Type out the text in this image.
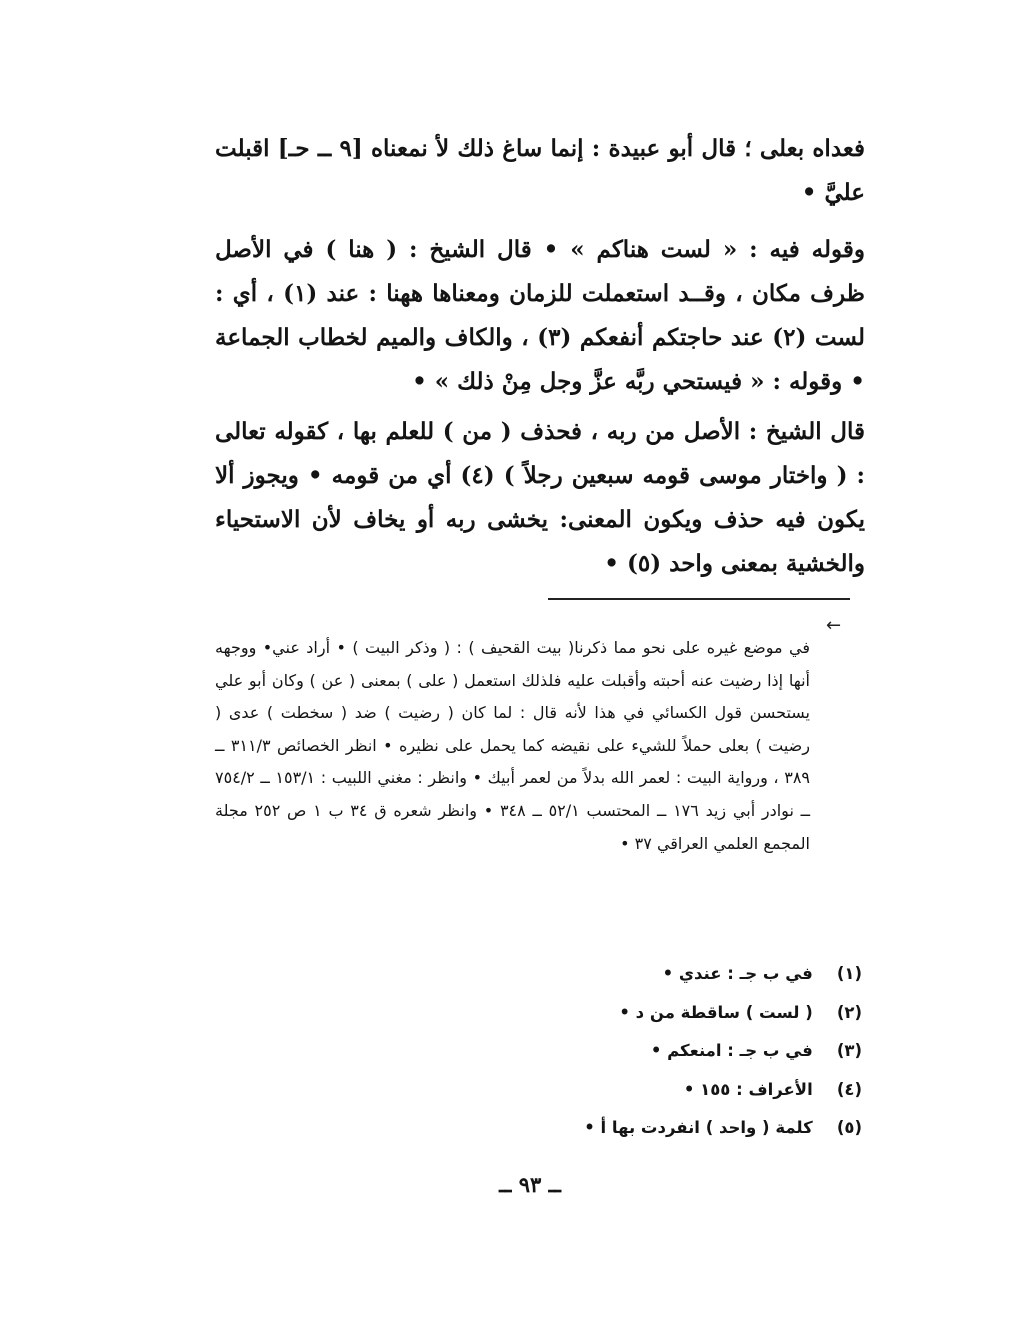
فعداه بعلى ؛ قال أبو عبيدة : إنما ساغ ذلك لأ نمعناه [٩ ــ حـ] اقبلت عليَّ •

وقوله فيه : « لست هناكم » • قال الشيخ : ( هنا ) في الأصل ظرف مكان ، وقــد استعملت للزمان ومعناها ههنا : عند (١) ، أي : لست (٢) عند حاجتكم أنفعكم (٣) ، والكاف والميم لخطاب الجماعة • وقوله : « فيستحي ربَّه عزَّ وجل مِنْ ذلك » •

قال الشيخ : الأصل من ربه ، فحذف ( من ) للعلم بها ، كقوله تعالى : ( واختار موسى قومه سبعين رجلاً ) (٤) أي من قومه • ويجوز ألا يكون فيه حذف ويكون المعنى: يخشى ربه أو يخاف لأن الاستحياء والخشية بمعنى واحد (٥) •

←

في موضع غيره على نحو مما ذكرنا( بيت القحيف ) : ( وذكر البيت ) • أراد عني• ووجهه أنها إذا رضيت عنه أحبته وأقبلت عليه فلذلك استعمل ( على ) بمعنى ( عن ) وكان أبو علي يستحسن قول الكسائي في هذا لأنه قال : لما كان ( رضيت ) ضد ( سخطت ) عدى ( رضيت ) بعلى حملاً للشيء على نقيضه كما يحمل على نظيره • انظر الخصائص ٣١١/٣ ــ ٣٨٩ ، ورواية البيت : لعمر الله بدلاً من لعمر أبيك • وانظر : مغني اللبيب : ١٥٣/١ ــ ٧٥٤/٢ ــ نوادر أبي زيد ١٧٦ ــ المحتسب ٥٢/١ ــ ٣٤٨ • وانظر شعره ق ٣٤ ب ١ ص ٢٥٢ مجلة المجمع العلمي العراقي ٣٧ •

(١) في ب جـ : عندي •
(٢) ( لست ) ساقطة من د •
(٣) في ب جـ : امنعكم •
(٤) الأعراف : ١٥٥ •
(٥) كلمة ( واحد ) انفردت بها أ •
ــ ٩٣ ــ
